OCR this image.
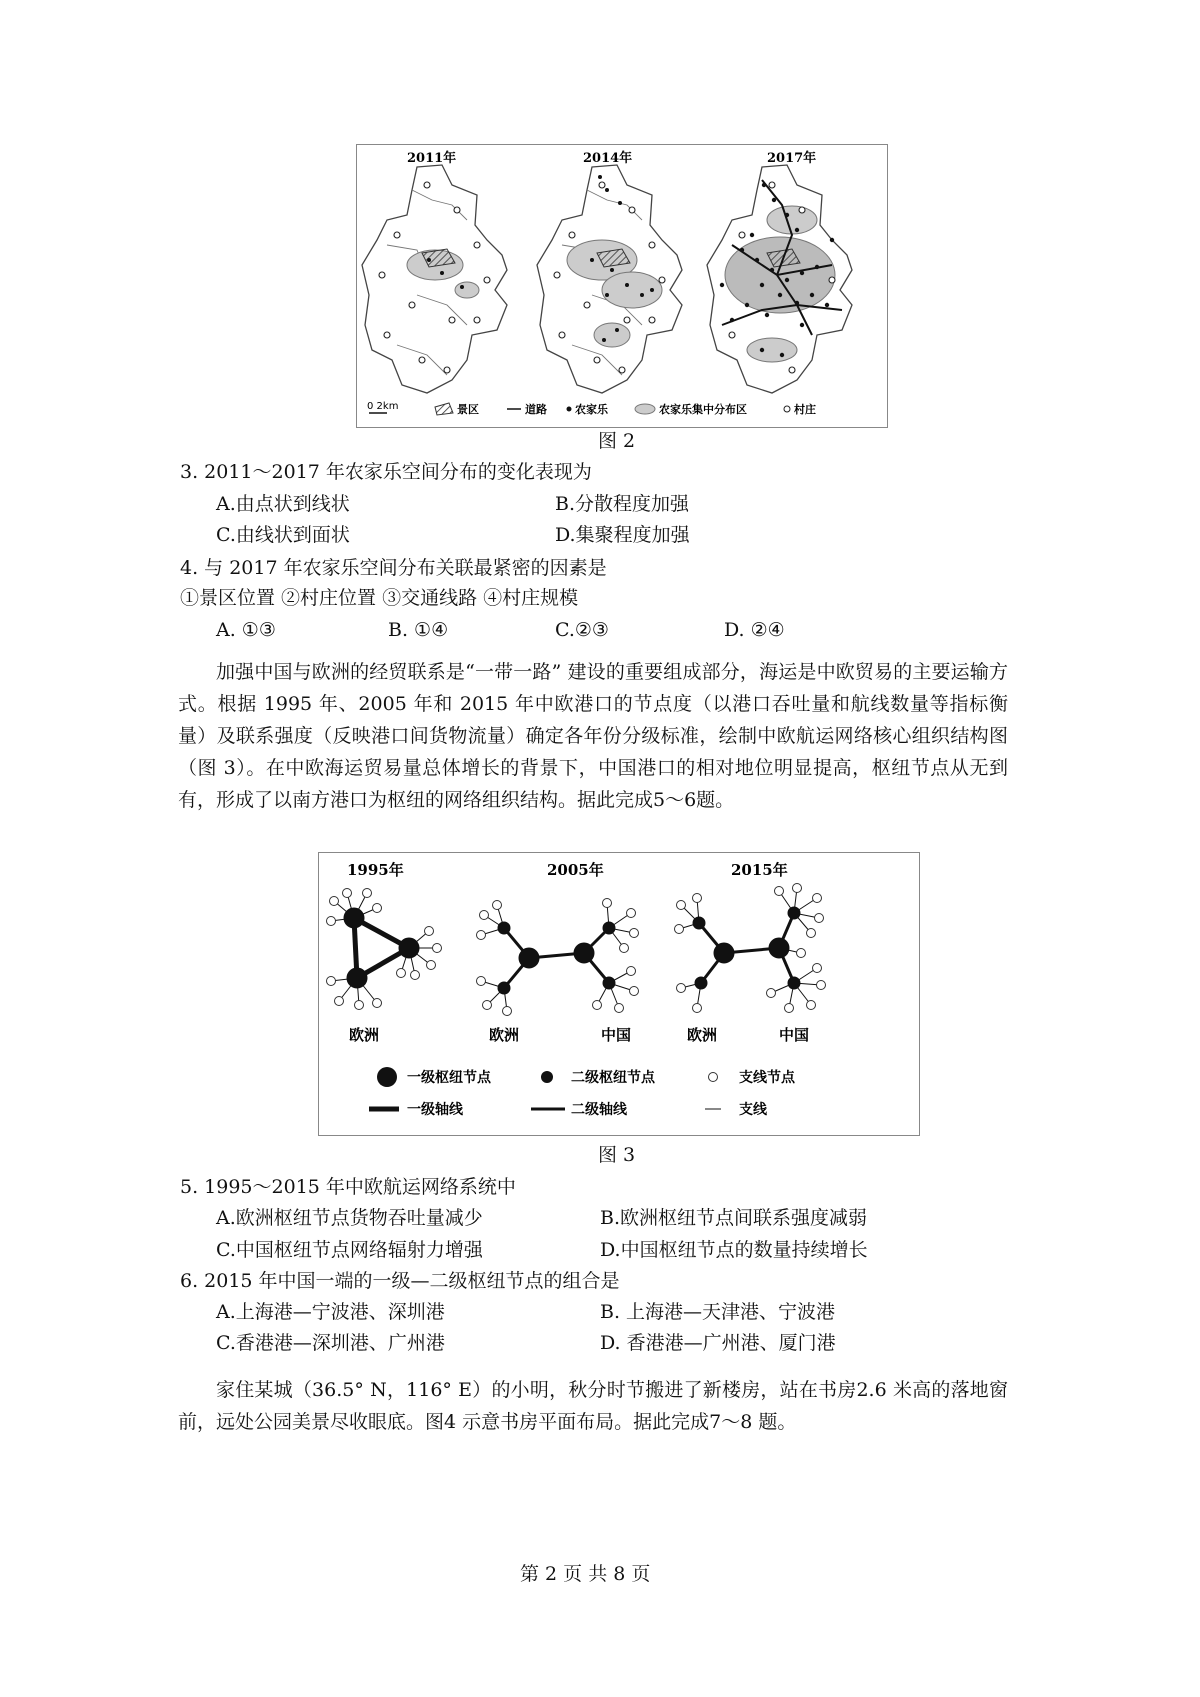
2011年	2014年	2017年
0 2km	景区	道路	农家乐	农家乐集中分布区	村庄
图 2
3. 2011～2017 年农家乐空间分布的变化表现为
A.由点状到线状	B.分散程度加强
C.由线状到面状	D.集聚程度加强
4. 与 2017 年农家乐空间分布关联最紧密的因素是
①景区位置 ②村庄位置 ③交通线路 ④村庄规模
A. ①③	B. ①④	C.②③	D. ②④
加强中国与欧洲的经贸联系是“一带一路” 建设的重要组成部分，海运是中欧贸易的主要运输方式。根据 1995 年、2005 年和 2015 年中欧港口的节点度（以港口吞吐量和航线数量等指标衡量）及联系强度（反映港口间货物流量）确定各年份分级标准，绘制中欧航运网络核心组织结构图（图 3）。在中欧海运贸易量总体增长的背景下，中国港口的相对地位明显提高，枢纽节点从无到有，形成了以南方港口为枢纽的网络组织结构。据此完成5～6题。
1995年	2005年	2015年
欧洲	欧洲	中国	欧洲	中国
一级枢纽节点	二级枢纽节点	支线节点
一级轴线	二级轴线	支线
图 3
5. 1995～2015 年中欧航运网络系统中
A.欧洲枢纽节点货物吞吐量减少	B.欧洲枢纽节点间联系强度减弱
C.中国枢纽节点网络辐射力增强	D.中国枢纽节点的数量持续增长
6. 2015 年中国一端的一级—二级枢纽节点的组合是
A.上海港—宁波港、深圳港	B. 上海港—天津港、宁波港
C.香港港—深圳港、广州港	D. 香港港—广州港、厦门港
家住某城（36.5° N，116° E）的小明，秋分时节搬进了新楼房，站在书房2.6 米高的落地窗前，远处公园美景尽收眼底。图4 示意书房平面布局。据此完成7～8 题。
第 2 页 共 8 页
